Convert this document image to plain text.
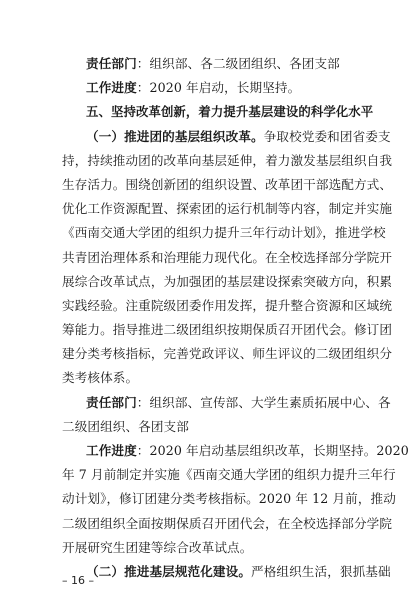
责任部门：组织部、各二级团组织、各团支部
工作进度：2020 年启动，长期坚持。
五、坚持改革创新，着力提升基层建设的科学化水平
（一）推进团的基层组织改革。争取校党委和团省委支
持，持续推动团的改革向基层延伸，着力激发基层组织自我
生存活力。围绕创新团的组织设置、改革团干部选配方式、
优化工作资源配置、探索团的运行机制等内容，制定并实施
《西南交通大学团的组织力提升三年行动计划》，推进学校
共青团治理体系和治理能力现代化。在全校选择部分学院开
展综合改革试点，为加强团的基层建设探索突破方向，积累
实践经验。注重院级团委作用发挥，提升整合资源和区域统
筹能力。指导推进二级团组织按期保质召开团代会。修订团
建分类考核指标，完善党政评议、师生评议的二级团组织分
类考核体系。
责任部门：组织部、宣传部、大学生素质拓展中心、各
二级团组织、各团支部
工作进度：2020 年启动基层组织改革，长期坚持。2020
年 7 月前制定并实施《西南交通大学团的组织力提升三年行
动计划》，修订团建分类考核指标。2020 年 12 月前，推动
二级团组织全面按期保质召开团代会，在全校选择部分学院
开展研究生团建等综合改革试点。
（二）推进基层规范化建设。严格组织生活，狠抓基础
– 16 –
